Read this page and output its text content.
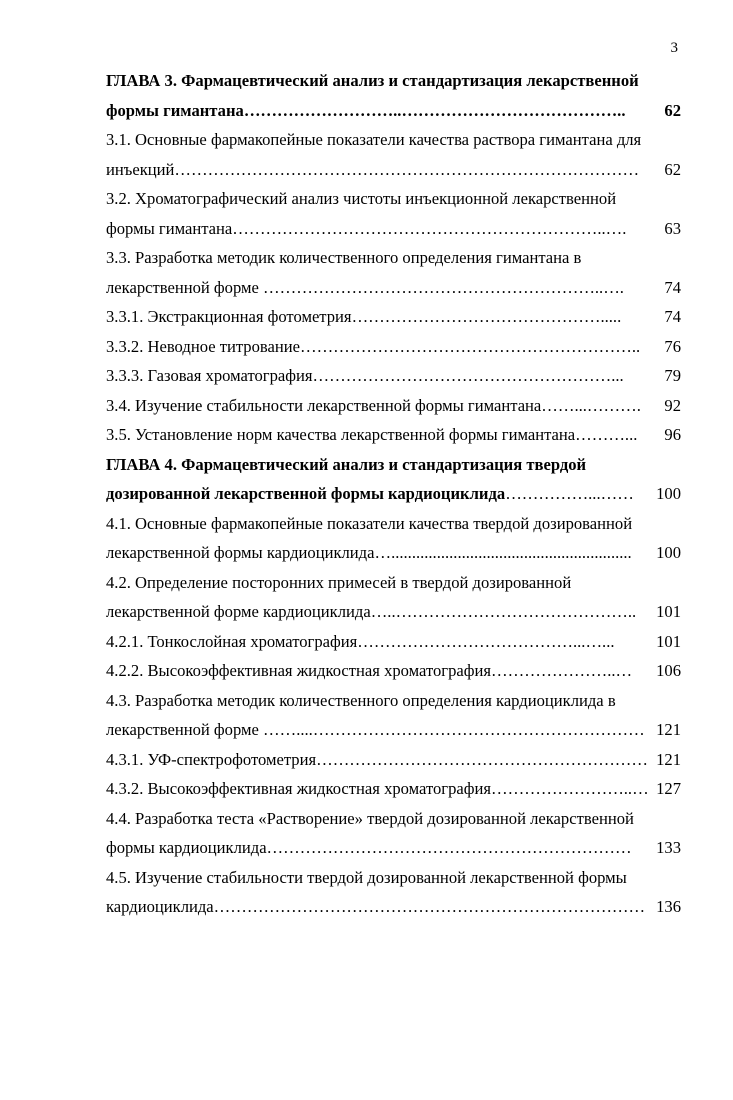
3
ГЛАВА 3. Фармацевтический анализ и стандартизация лекарственной
формы гимантана………………………..…………………………………..	62
3.1. Основные фармакопейные показатели качества раствора гимантана для
инъекций…………………………………………………………………………	62
3.2. Хроматографический анализ чистоты инъекционной лекарственной
формы гимантана…………………………………………………………..….	63
3.3. Разработка методик количественного определения гимантана в
лекарственной форме ……………………………………………………..….	74
3.3.1. Экстракционная фотометрия……………………………………….....	74
3.3.2. Неводное титрование……………………………………………………..	76
3.3.3. Газовая хроматография………………………………………………...	79
3.4. Изучение стабильности лекарственной формы гимантана……...……….	92
3.5. Установление норм качества лекарственной формы гимантана………...	96
ГЛАВА 4. Фармацевтический анализ и стандартизация твердой
дозированной лекарственной формы кардиоциклида……………...……	100
4.1. Основные фармакопейные показатели качества твердой дозированной
лекарственной формы кардиоциклида…..........................................................	100
4.2. Определение посторонних примесей в твердой дозированной
лекарственной форме кардиоциклида…..……………………………………..	101
4.2.1. Тонкослойная хроматография…………………………………...…...	101
4.2.2. Высокоэффективная жидкостная хроматография…………………..…	106
4.3. Разработка методик количественного определения кардиоциклида в
лекарственной форме ……....…………………………………………………… 121
4.3.1. УФ-спектрофотометрия…………………………………………………… 121
4.3.2. Высокоэффективная жидкостная хроматография……………………..… 127
4.4. Разработка теста «Растворение» твердой дозированной лекарственной
формы кардиоциклида…………………………………………………………	133
4.5. Изучение стабильности твердой дозированной лекарственной формы
кардиоциклида…………………………………………………………………… 136
